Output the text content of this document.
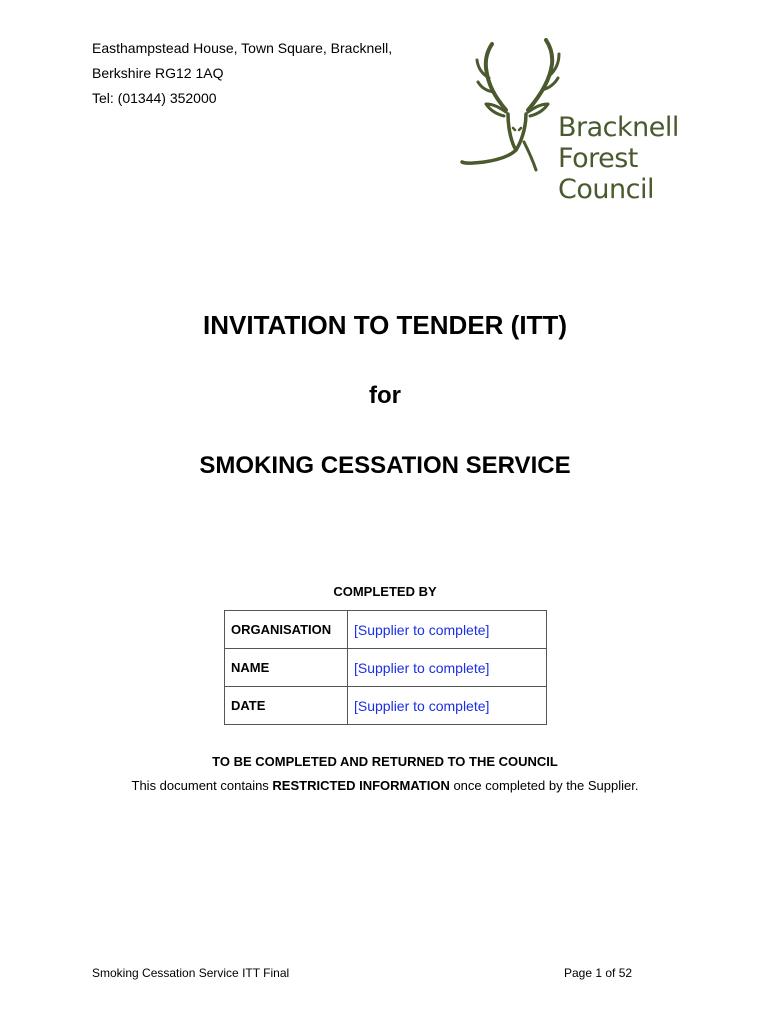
Easthampstead House, Town Square, Bracknell,
Berkshire RG12 1AQ
Tel: (01344) 352000
Bracknell
Forest
Council
INVITATION TO TENDER (ITT)
for
SMOKING CESSATION SERVICE
COMPLETED BY
ORGANISATION	[Supplier to complete]
NAME	[Supplier to complete]
DATE	[Supplier to complete]
TO BE COMPLETED AND RETURNED TO THE COUNCIL
This document contains RESTRICTED INFORMATION once completed by the Supplier.
Smoking Cessation Service ITT Final	Page 1 of 52
